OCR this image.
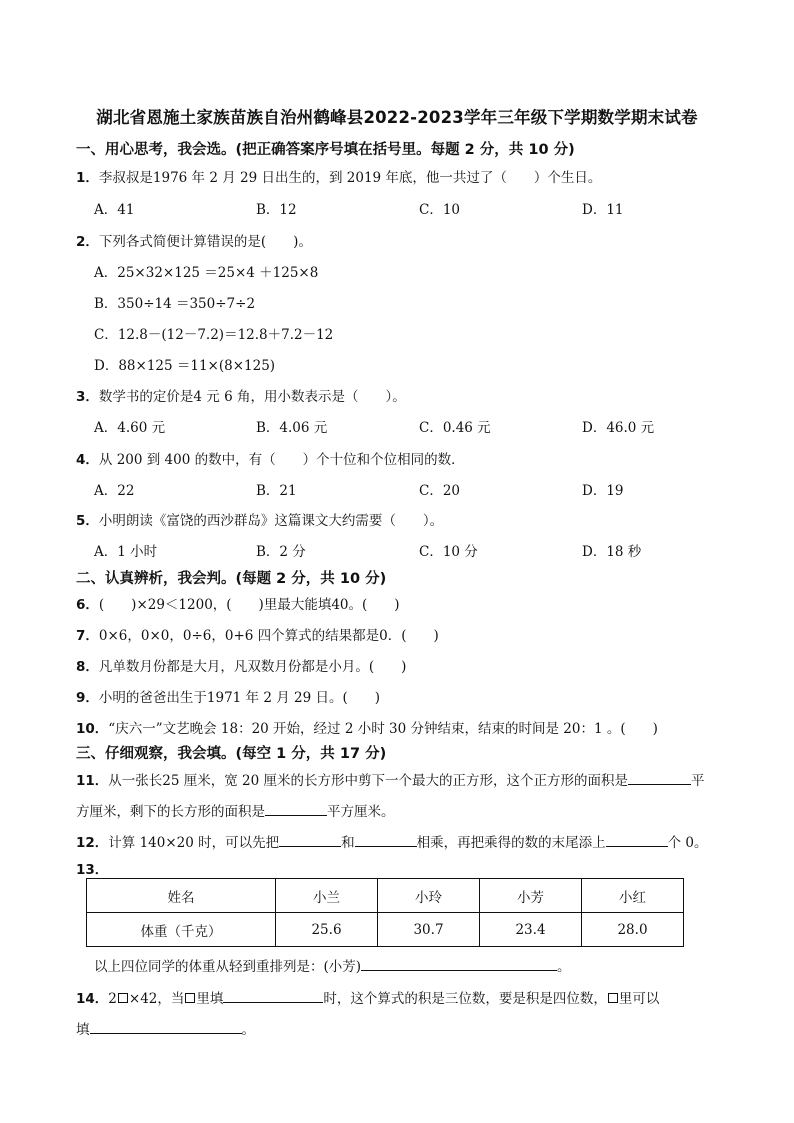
湖北省恩施土家族苗族自治州鹤峰县2022-2023学年三年级下学期数学期末试卷
一、用心思考，我会选。(把正确答案序号填在括号里。每题 2 分，共 10 分)
1．李叔叔是1976 年 2 月 29 日出生的，到 2019 年底，他一共过了（　　）个生日。
A．41	B．12	C．10	D．11
2．下列各式简便计算错误的是(　　)。
A．25×32×125 ＝25×4 ＋125×8
B．350÷14 ＝350÷7÷2
C．12.8－(12－7.2)＝12.8＋7.2－12
D．88×125 ＝11×(8×125)
3．数学书的定价是4 元 6 角，用小数表示是（　　）。
A．4.60 元	B．4.06 元	C．0.46 元	D．46.0 元
4．从 200 到 400 的数中，有（　　）个十位和个位相同的数．
A．22	B．21	C．20	D．19
5．小明朗读《富饶的西沙群岛》这篇课文大约需要（　　）。
A．1 小时	B．2 分	C．10 分	D．18 秒
二、认真辨析，我会判。(每题 2 分，共 10 分)
6．(　　)×29＜1200，(　　)里最大能填40。(　　)
7．0×6，0×0，0÷6，0+6 四个算式的结果都是0．(　　)
8．凡单数月份都是大月，凡双数月份都是小月。(　　)
9．小明的爸爸出生于1971 年 2 月 29 日。(　　)
10．“庆六一”文艺晚会 18：20 开始，经过 2 小时 30 分钟结束，结束的时间是 20：1 。(　　)
三、仔细观察，我会填。(每空 1 分，共 17 分)
11．从一张长25 厘米，宽 20 厘米的长方形中剪下一个最大的正方形，这个正方形的面积是	平
方厘米，剩下的长方形的面积是	平方厘米。
12．计算 140×20 时，可以先把	和	相乘，再把乘得的数的末尾添上	个 0。
13．
姓名	小兰	小玲	小芳	小红
体重（千克）	25.6	30.7	23.4	28.0
以上四位同学的体重从轻到重排列是：(小芳)	。
14．2 ×42，当 里填	时，这个算式的积是三位数，要是积是四位数， 里可以
填	。
